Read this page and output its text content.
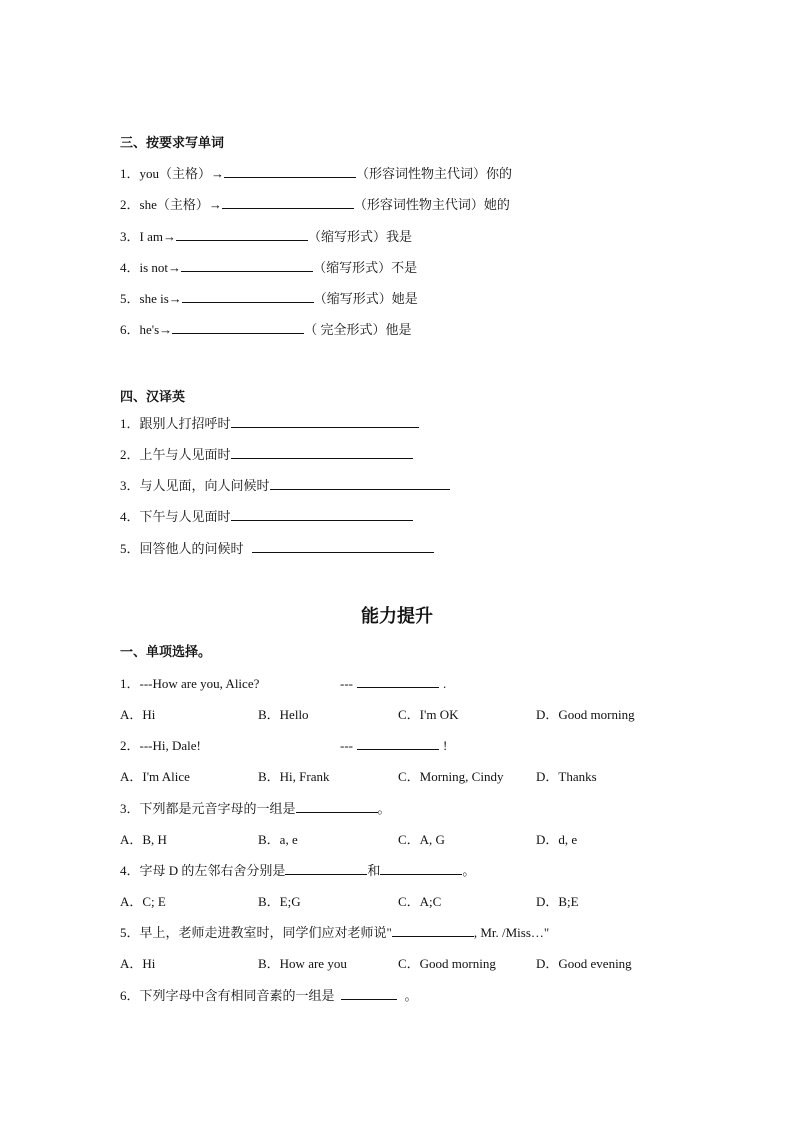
三、按要求写单词
1．you（主格）→	（形容词性物主代词）你的
2．she（主格）→	（形容词性物主代词）她的
3．I am→	（缩写形式）我是
4．is not→	（缩写形式）不是
5．she is→	（缩写形式）她是
6．he's→	（ 完全形式）他是
四、汉译英
1．跟别人打招呼时
2．上午与人见面时
3．与人见面，向人问候时
4．下午与人见面时
5．回答他人的问候时
能力提升
一、单项选择。
1．---How are you, Alice?	---	.
A．Hi	B．Hello	C．I'm OK	D．Good morning
2．---Hi, Dale!	---	!
A．I'm Alice	B．Hi, Frank	C．Morning, Cindy	D．Thanks
3．下列都是元音字母的一组是	。
A．B, H	B．a, e	C．A, G	D．d, e
4．字母 D 的左邻右舍分别是	和	。
A．C; E	B．E;G	C．A;C	D．B;E
5．早上，老师走进教室时，同学们应对老师说"	, Mr. /Miss…"
A．Hi	B．How are you	C．Good morning	D．Good evening
6．下列字母中含有相同音素的一组是	。
